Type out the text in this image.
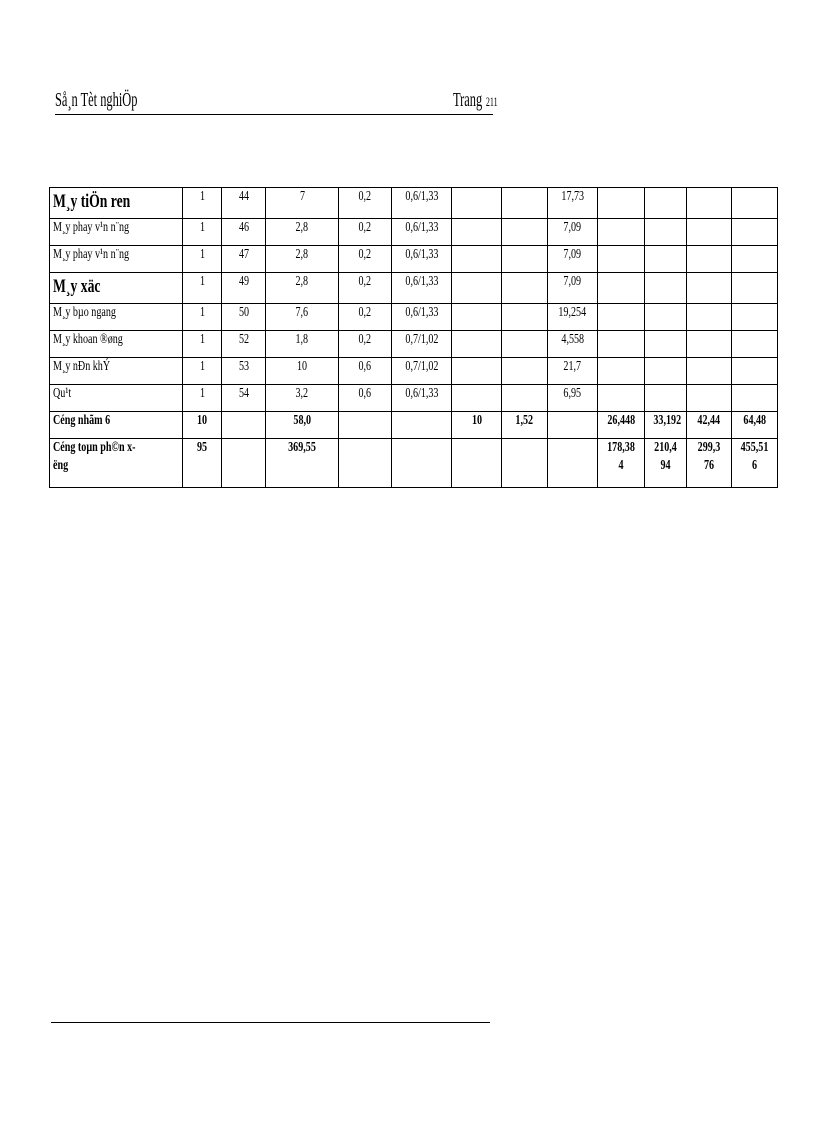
Så¸n Tèt nghiÖp	Trang 211
M¸y tiÖn ren	1	44	7	0,2	0,6/1,33			17,73				
M¸y phay v¹n n¨ng	1	46	2,8	0,2	0,6/1,33			7,09				
M¸y phay v¹n n¨ng	1	47	2,8	0,2	0,6/1,33			7,09				
M¸y xäc	1	49	2,8	0,2	0,6/1,33			7,09				
M¸y bµo ngang	1	50	7,6	0,2	0,6/1,33			19,254				
M¸y khoan ®øng	1	52	1,8	0,2	0,7/1,02			4,558				
M¸y nÐn khÝ	1	53	10	0,6	0,7/1,02			21,7				
Qu¹t	1	54	3,2	0,6	0,6/1,33			6,95				
Céng nhãm 6	10		58,0			10	1,52		26,448	33,192	42,44	64,48
Céng toµn ph©n xëng	95		369,55						178,384	210,494	299,376	455,516
